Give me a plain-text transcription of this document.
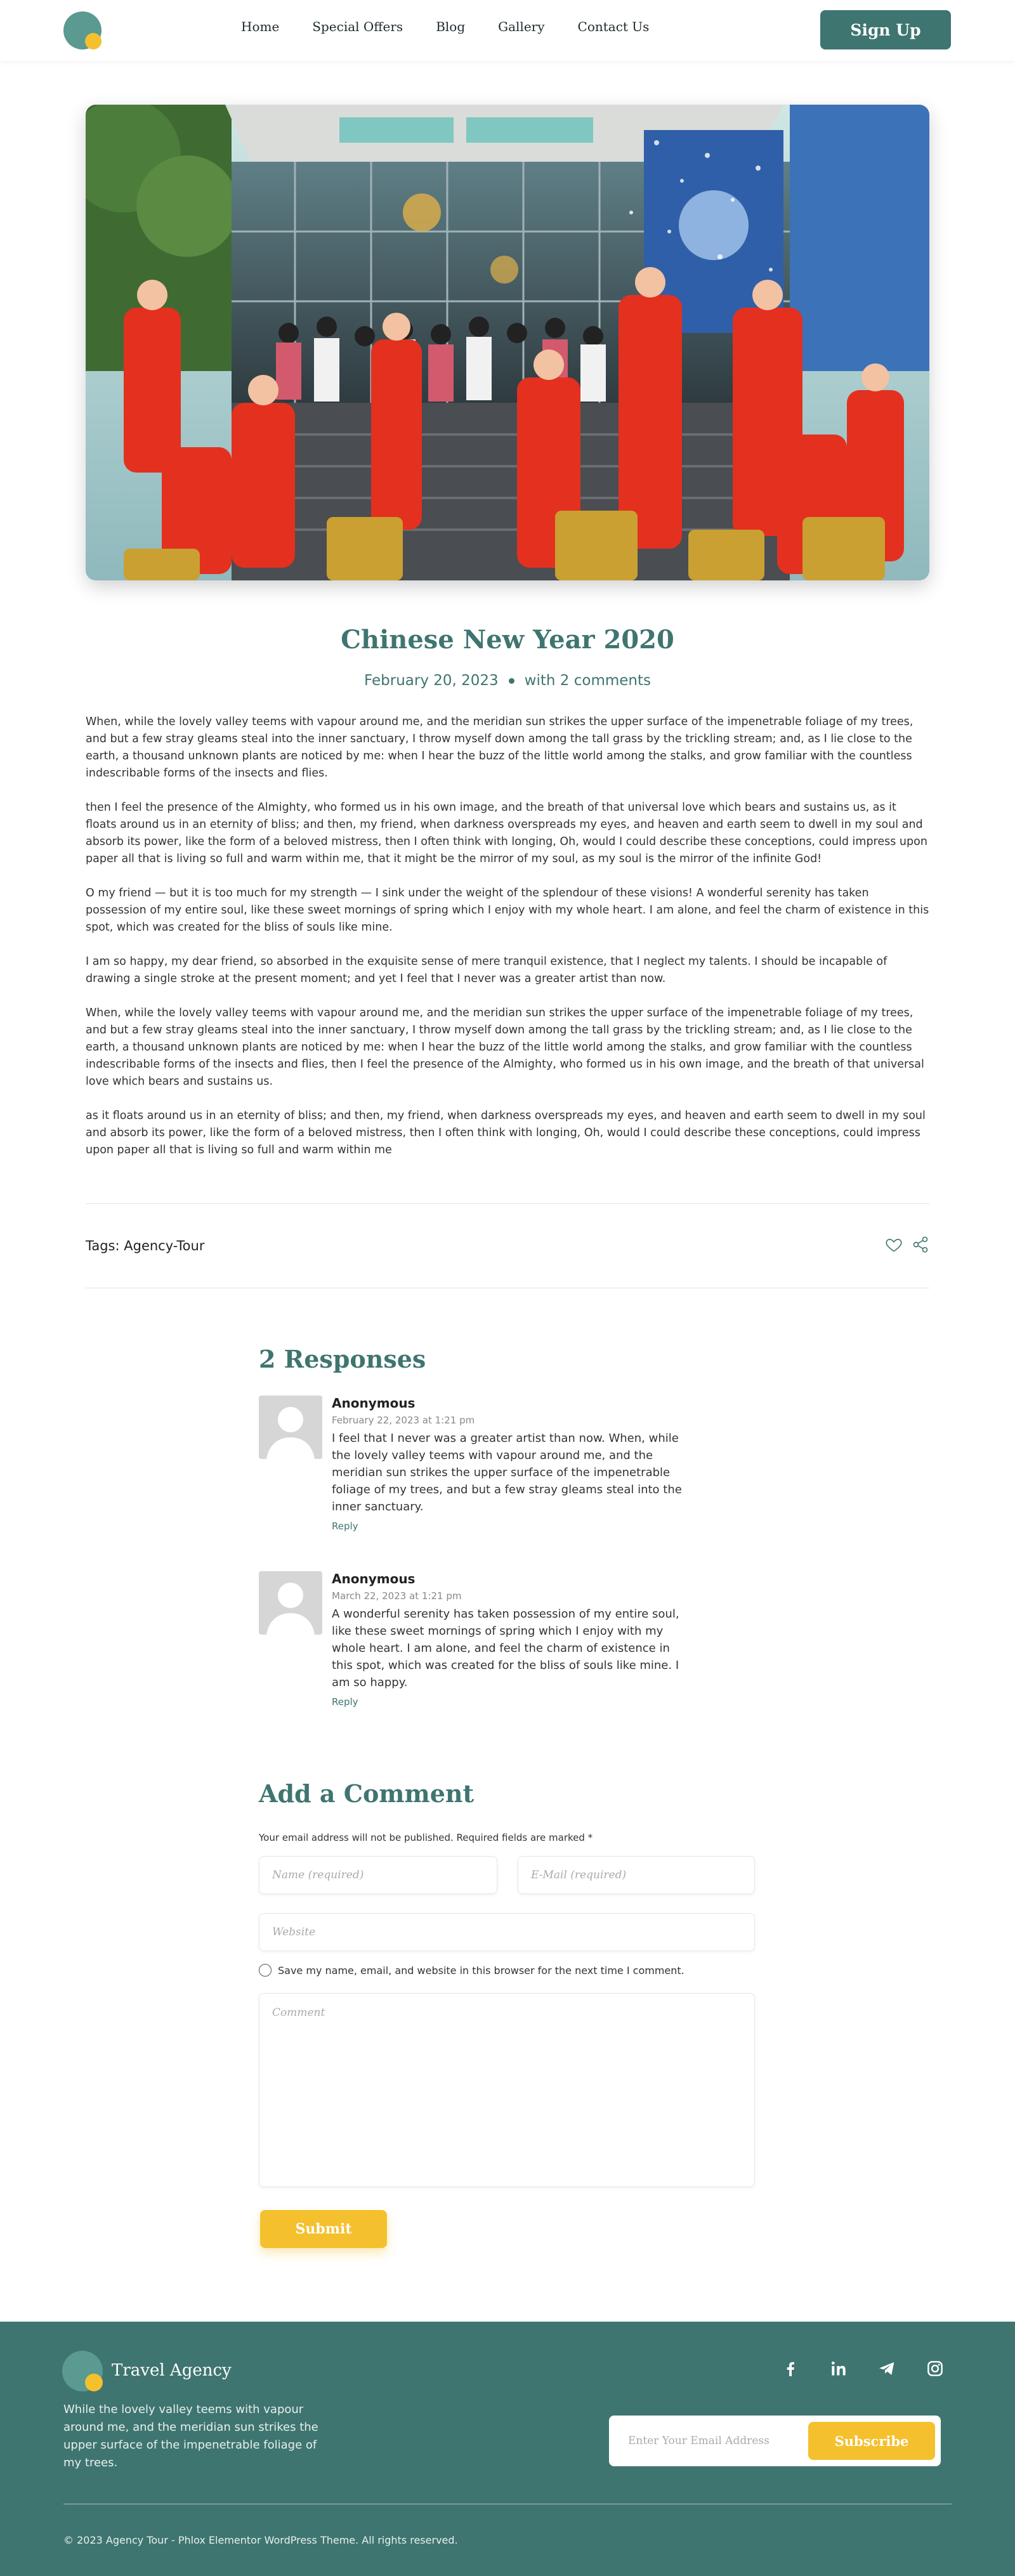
Home	Special Offers	Blog	Gallery	Contact Us	Sign Up
Chinese New Year 2020
February 20, 2023 with 2 comments

When, while the lovely valley teems with vapour around me, and the meridian sun strikes the upper surface of the impenetrable foliage of my trees, and but a few stray gleams steal into the inner sanctuary, I throw myself down among the tall grass by the trickling stream; and, as I lie close to the earth, a thousand unknown plants are noticed by me: when I hear the buzz of the little world among the stalks, and grow familiar with the countless indescribable forms of the insects and flies.

then I feel the presence of the Almighty, who formed us in his own image, and the breath of that universal love which bears and sustains us, as it floats around us in an eternity of bliss; and then, my friend, when darkness overspreads my eyes, and heaven and earth seem to dwell in my soul and absorb its power, like the form of a beloved mistress, then I often think with longing, Oh, would I could describe these conceptions, could impress upon paper all that is living so full and warm within me, that it might be the mirror of my soul, as my soul is the mirror of the infinite God!

O my friend — but it is too much for my strength — I sink under the weight of the splendour of these visions! A wonderful serenity has taken possession of my entire soul, like these sweet mornings of spring which I enjoy with my whole heart. I am alone, and feel the charm of existence in this spot, which was created for the bliss of souls like mine.

I am so happy, my dear friend, so absorbed in the exquisite sense of mere tranquil existence, that I neglect my talents. I should be incapable of drawing a single stroke at the present moment; and yet I feel that I never was a greater artist than now.

When, while the lovely valley teems with vapour around me, and the meridian sun strikes the upper surface of the impenetrable foliage of my trees, and but a few stray gleams steal into the inner sanctuary, I throw myself down among the tall grass by the trickling stream; and, as I lie close to the earth, a thousand unknown plants are noticed by me: when I hear the buzz of the little world among the stalks, and grow familiar with the countless indescribable forms of the insects and flies, then I feel the presence of the Almighty, who formed us in his own image, and the breath of that universal love which bears and sustains us.

as it floats around us in an eternity of bliss; and then, my friend, when darkness overspreads my eyes, and heaven and earth seem to dwell in my soul and absorb its power, like the form of a beloved mistress, then I often think with longing, Oh, would I could describe these conceptions, could impress upon paper all that is living so full and warm within me

Tags: Agency-Tour
2 Responses
Anonymous
February 22, 2023 at 1:21 pm
I feel that I never was a greater artist than now. When, while the lovely valley teems with vapour around me, and the meridian sun strikes the upper surface of the impenetrable foliage of my trees, and but a few stray gleams steal into the inner sanctuary.
Reply
Anonymous
March 22, 2023 at 1:21 pm
A wonderful serenity has taken possession of my entire soul, like these sweet mornings of spring which I enjoy with my whole heart. I am alone, and feel the charm of existence in this spot, which was created for the bliss of souls like mine. I am so happy.
Reply
Add a Comment
Your email address will not be published. Required fields are marked *
Name (required)	E-Mail (required)
Website
Save my name, email, and website in this browser for the next time I comment.
Comment
Submit
Travel Agency
While the lovely valley teems with vapour around me, and the meridian sun strikes the upper surface of the impenetrable foliage of my trees.
Enter Your Email Address	Subscribe
© 2023 Agency Tour - Phlox Elementor WordPress Theme. All rights reserved.
